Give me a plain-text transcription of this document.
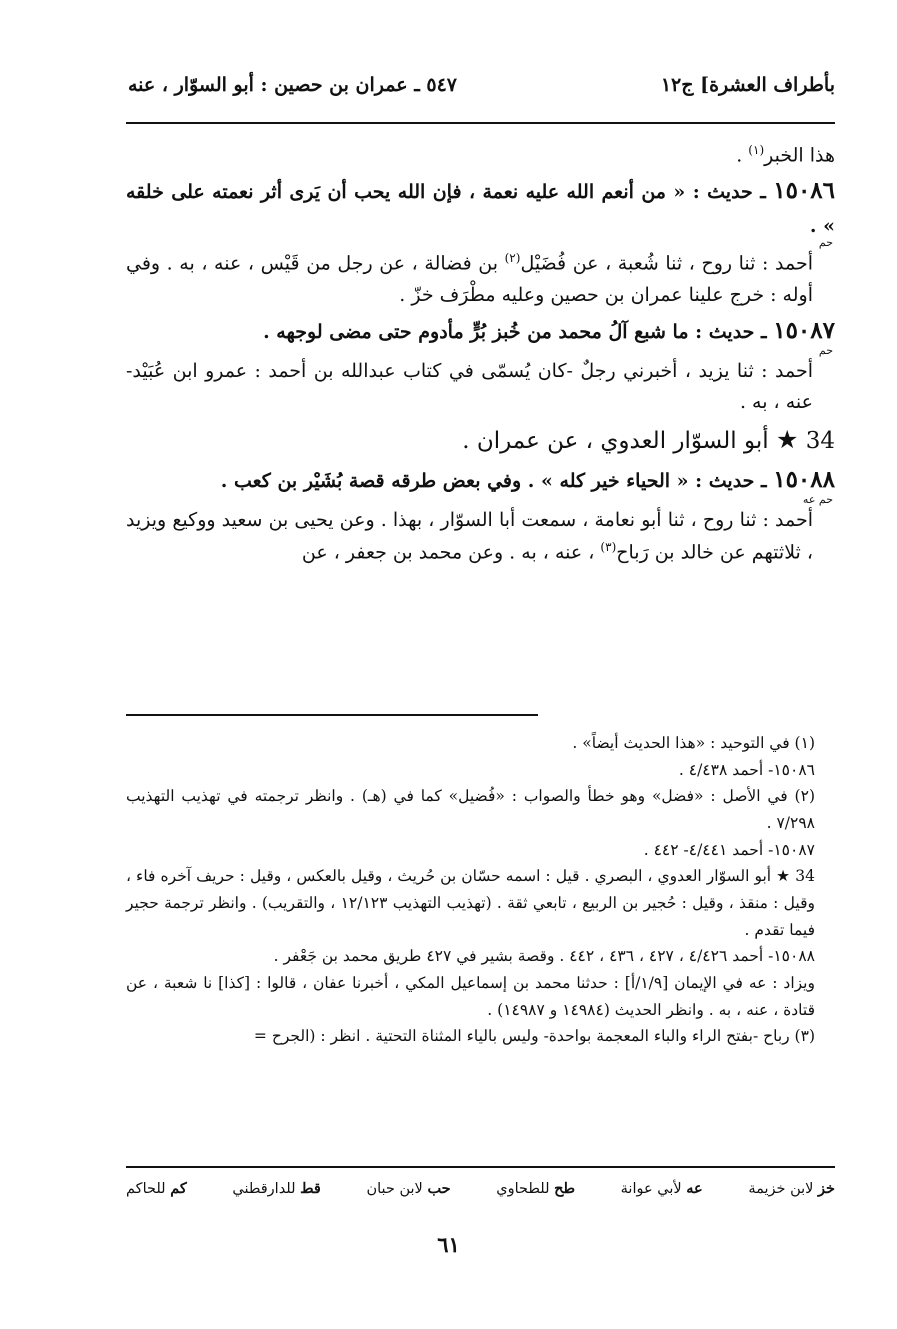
بأطراف العشرة] ج١٢
٥٤٧ ـ عمران بن حصين : أبو السوّار ، عنه

هذا الخبر$^{(١)}$ .

١٥٠٨٦ ـ حديث : « من أنعم الله عليه نعمة ، فإن الله يحب أن يَرى أثر نعمته على خلقه » .

حم

أحمد : ثنا روح ، ثنا شُعبة ، عن فُضَيْل$^{(٢)}$ بن فضالة ، عن رجل من قَيْس ، عنه ، به . وفي أوله : خرج علينا عمران بن حصين وعليه مطْرَف خزّ .

١٥٠٨٧ ـ حديث : ما شبع آلُ محمد من خُبز بُرٍّ مأدوم حتى مضى لوجهه .

حم

أحمد : ثنا يزيد ، أخبرني رجلٌ -كان يُسمّى في كتاب عبدالله بن أحمد : عمرو ابن عُبَيْد- عنه ، به .

34 ★ أبو السوّار العدوي ، عن عمران .

١٥٠٨٨ ـ حديث : « الحياء خير كله » . وفي بعض طرقه قصة بُشَيْر بن كعب .

حم عه

أحمد : ثنا روح ، ثنا أبو نعامة ، سمعت أبا السوّار ، بهذا . وعن يحيى بن سعيد ووكيع ويزيد ، ثلاثتهم عن خالد بن رَباح$^{(٣)}$ ، عنه ، به . وعن محمد بن جعفر ، عن

(١) في التوحيد : «هذا الحديث أيضاً» .

١٥٠٨٦- أحمد ٤/٤٣٨ .

(٢) في الأصل : «فضل» وهو خطأ والصواب : «فُضيل» كما في (هـ) . وانظر ترجمته في تهذيب التهذيب ٧/٢٩٨ .

١٥٠٨٧- أحمد ٤/٤٤١- ٤٤٢ .

34 ★ أبو السوّار العدوي ، البصري . قيل : اسمه حسّان بن حُريث ، وقيل بالعكس ، وقيل : حريف آخره فاء ، وقيل : منقذ ، وقيل : حُجير بن الربيع ، تابعي ثقة . (تهذيب التهذيب ١٢/١٢٣ ، والتقريب) . وانظر ترجمة حجير فيما تقدم .

١٥٠٨٨- أحمد ٤/٤٢٦ ، ٤٢٧ ، ٤٣٦ ، ٤٤٢ . وقصة بشير في ٤٢٧ طريق محمد بن جَعْفر .

ويزاد : عه في الإيمان [١/٩/أ] : حدثنا محمد بن إسماعيل المكي ، أخبرنا عفان ، قالوا : [كذا] نا شعبة ، عن قتادة ، عنه ، به . وانظر الحديث (١٤٩٨٤ و ١٤٩٨٧) .

(٣) رباح -بفتح الراء والباء المعجمة بواحدة- وليس بالياء المثناة التحتية . انظر : (الجرح =

خز لابن خزيمة
عه لأبي عوانة
طح للطحاوي
حب لابن حبان
قط للدارقطني
كم للحاكم
٦١
